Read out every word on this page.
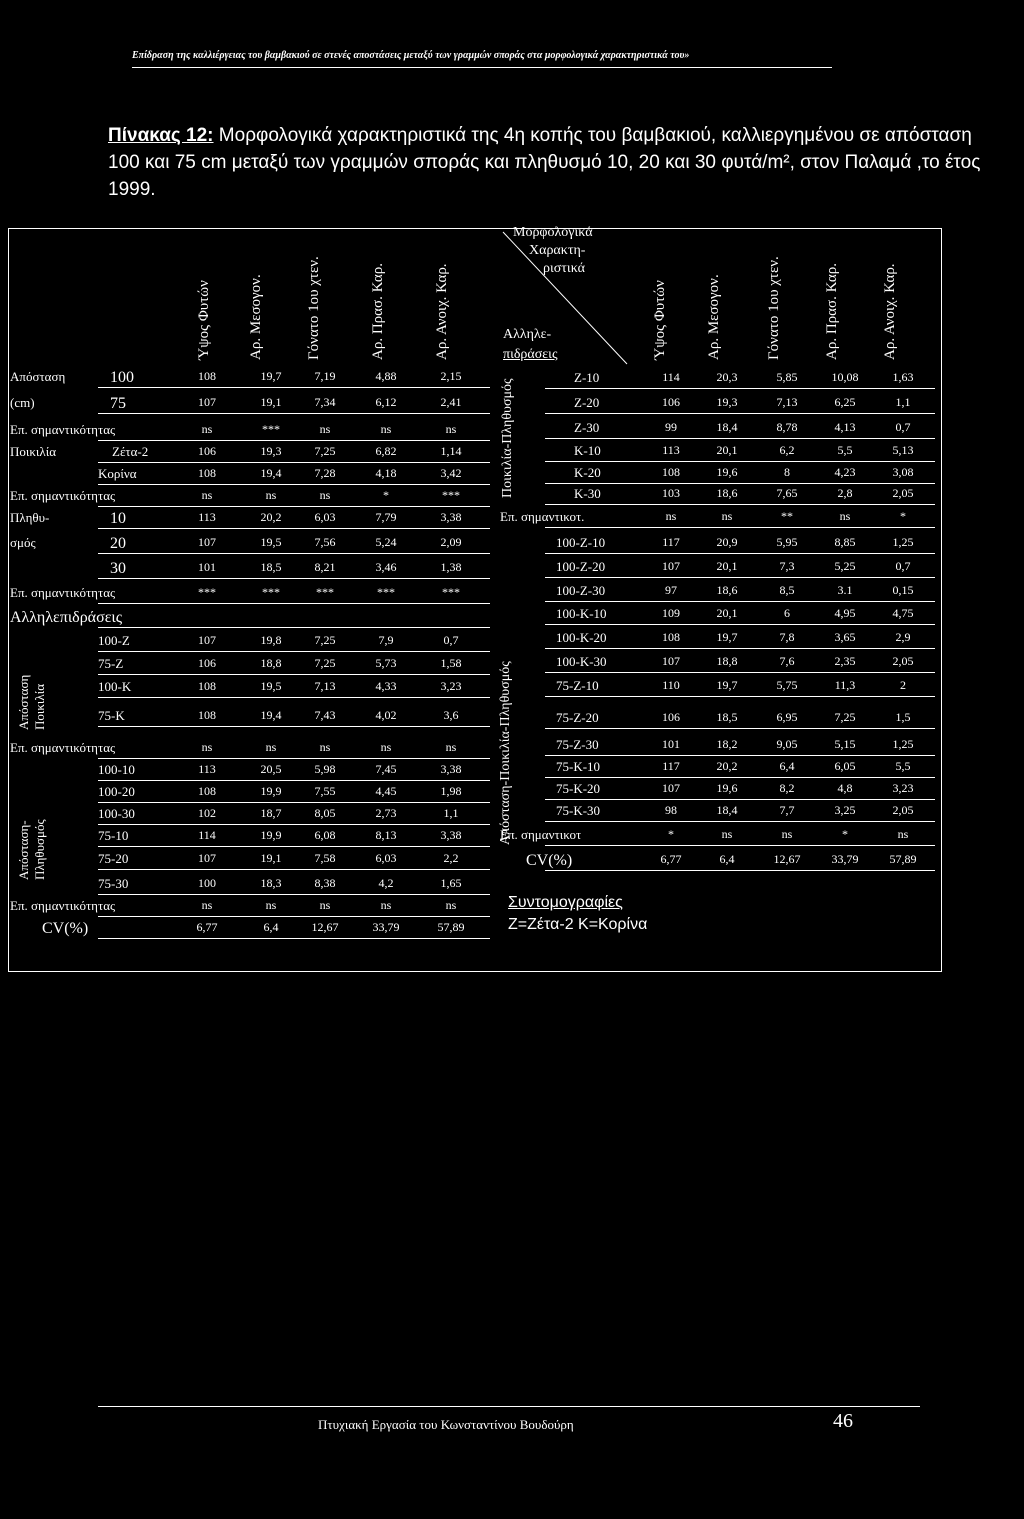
Επίδραση της καλλιέργειας του βαμβακιού σε στενές αποστάσεις μεταξύ των γραμμών σποράς στα μορφολογικά χαρακτηριστικά του»
Πίνακας 12: Μορφολογικά χαρακτηριστικά της 4η κοπής του βαμβακιού, καλλιεργημένου σε απόσταση 100 και 75 cm μεταξύ των γραμμών σποράς και πληθυσμό 10, 20 και 30 φυτά/m², στον Παλαμά ,το έτος 1999.
Ύψος Φυτών	Αρ. Μεσογον.	Γόνατο 1ου χτεν.	Αρ. Πρασ. Καρ.	Αρ. Ανοιχ. Καρ.	Ύψος Φυτών	Αρ. Μεσογον.	Γόνατο 1ου χτεν.	Αρ. Πρασ. Καρ.	Αρ. Ανοιχ. Καρ.
Μορφολογικά
Χαρακτη-
ριστικά
Αλληλε-
πιδράσεις
Απόσταση	100	108	19,7	7,19	4,88	2,15
(cm)	75	107	19,1	7,34	6,12	2,41
Επ. σημαντικότητας	ns	***	ns	ns	ns
Ποικιλία	Ζέτα-2	106	19,3	7,25	6,82	1,14
Κορίνα	108	19,4	7,28	4,18	3,42
Επ. σημαντικότητας	ns	ns	ns	*	***
Πληθυ-	10	113	20,2	6,03	7,79	3,38
σμός	20	107	19,5	7,56	5,24	2,09
30	101	18,5	8,21	3,46	1,38
Επ. σημαντικότητας	***	***	***	***	***
Αλληλεπιδράσεις
100-Z	107	19,8	7,25	7,9	0,7
75-Z	106	18,8	7,25	5,73	1,58
100-K	108	19,5	7,13	4,33	3,23
75-K	108	19,4	7,43	4,02	3,6
Επ. σημαντικότητας	ns	ns	ns	ns	ns
100-10	113	20,5	5,98	7,45	3,38
100-20	108	19,9	7,55	4,45	1,98
100-30	102	18,7	8,05	2,73	1,1
75-10	114	19,9	6,08	8,13	3,38
75-20	107	19,1	7,58	6,03	2,2
75-30	100	18,3	8,38	4,2	1,65
Επ. σημαντικότητας	ns	ns	ns	ns	ns
CV(%)	6,77	6,4	12,67	33,79	57,89
Z-10	114	20,3	5,85	10,08	1,63
Z-20	106	19,3	7,13	6,25	1,1
Z-30	99	18,4	8,78	4,13	0,7
K-10	113	20,1	6,2	5,5	5,13
K-20	108	19,6	8	4,23	3,08
K-30	103	18,6	7,65	2,8	2,05
Επ. σημαντικοτ.	ns	ns	**	ns	*
100-Z-10	117	20,9	5,95	8,85	1,25
100-Z-20	107	20,1	7,3	5,25	0,7
100-Z-30	97	18,6	8,5	3.1	0,15
100-K-10	109	20,1	6	4,95	4,75
100-K-20	108	19,7	7,8	3,65	2,9
100-K-30	107	18,8	7,6	2,35	2,05
75-Z-10	110	19,7	5,75	11,3	2
75-Z-20	106	18,5	6,95	7,25	1,5
75-Z-30	101	18,2	9,05	5,15	1,25
75-K-10	117	20,2	6,4	6,05	5,5
75-K-20	107	19,6	8,2	4,8	3,23
75-K-30	98	18,4	7,7	3,25	2,05
Επ. σημαντικοτ	*	ns	ns	*	ns
CV(%)	6,77	6,4	12,67	33,79	57,89
Απόσταση Ποικιλία
Απόσταση-Πληθυσμός
Ποικιλία-Πληθυσμός
Απόσταση-Ποικιλία-Πληθυσμός
Συντομογραφίες
Z=Ζέτα-2 K=Κορίνα
Πτυχιακή Εργασία του Κωνσταντίνου Βουδούρη	46
